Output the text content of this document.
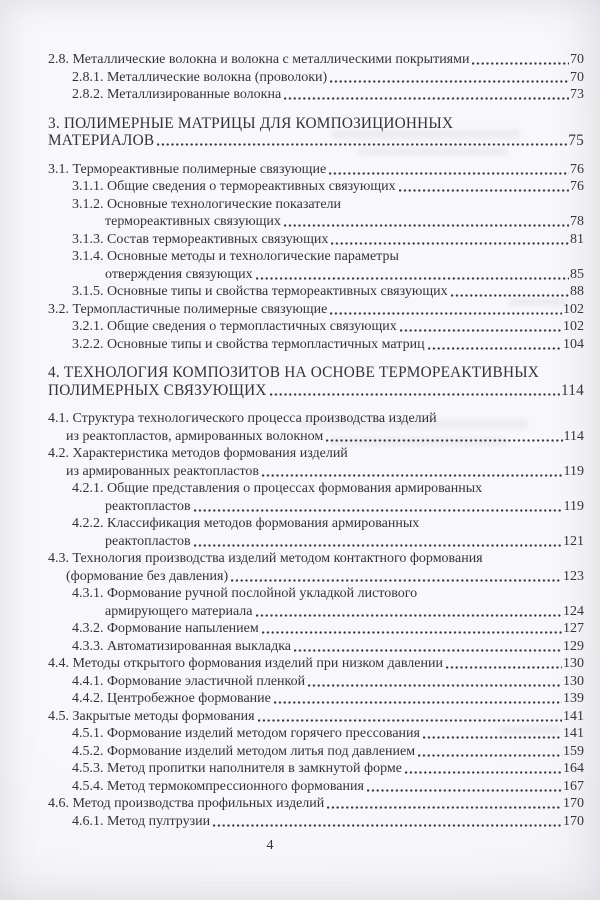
2.8. Металлические волокна и волокна с металлическими покрытиями	70
2.8.1. Металлические волокна (проволоки)	70
2.8.2. Металлизированные волокна	73
3. ПОЛИМЕРНЫЕ МАТРИЦЫ ДЛЯ КОМПОЗИЦИОННЫХ
МАТЕРИАЛОВ	75
3.1. Термореактивные полимерные связующие	76
3.1.1. Общие сведения о термореактивных связующих	76
3.1.2. Основные технологические показатели
термореактивных связующих	78
3.1.3. Состав термореактивных связующих	81
3.1.4. Основные методы и технологические параметры
отверждения связующих	85
3.1.5. Основные типы и свойства термореактивных связующих	88
3.2. Термопластичные полимерные связующие	102
3.2.1. Общие сведения о термопластичных связующих	102
3.2.2. Основные типы и свойства термопластичных матриц	104
4. ТЕХНОЛОГИЯ КОМПОЗИТОВ НА ОСНОВЕ ТЕРМОРЕАКТИВНЫХ
ПОЛИМЕРНЫХ СВЯЗУЮЩИХ	114
4.1. Структура технологического процесса производства изделий
из реактопластов, армированных волокном	114
4.2. Характеристика методов формования изделий
из армированных реактопластов	119
4.2.1. Общие представления о процессах формования армированных
реактопластов	119
4.2.2. Классификация методов формования армированных
реактопластов	121
4.3. Технология производства изделий методом контактного формования
(формование без давления)	123
4.3.1. Формование ручной послойной укладкой листового
армирующего материала	124
4.3.2. Формование напылением	127
4.3.3. Автоматизированная выкладка	129
4.4. Методы открытого формования изделий при низком давлении	130
4.4.1. Формование эластичной пленкой	130
4.4.2. Центробежное формование	139
4.5. Закрытые методы формования	141
4.5.1. Формование изделий методом горячего прессования	141
4.5.2. Формование изделий методом литья под давлением	159
4.5.3. Метод пропитки наполнителя в замкнутой форме	164
4.5.4. Метод термокомпрессионного формования	167
4.6. Метод производства профильных изделий	170
4.6.1. Метод пултрузии	170
4
